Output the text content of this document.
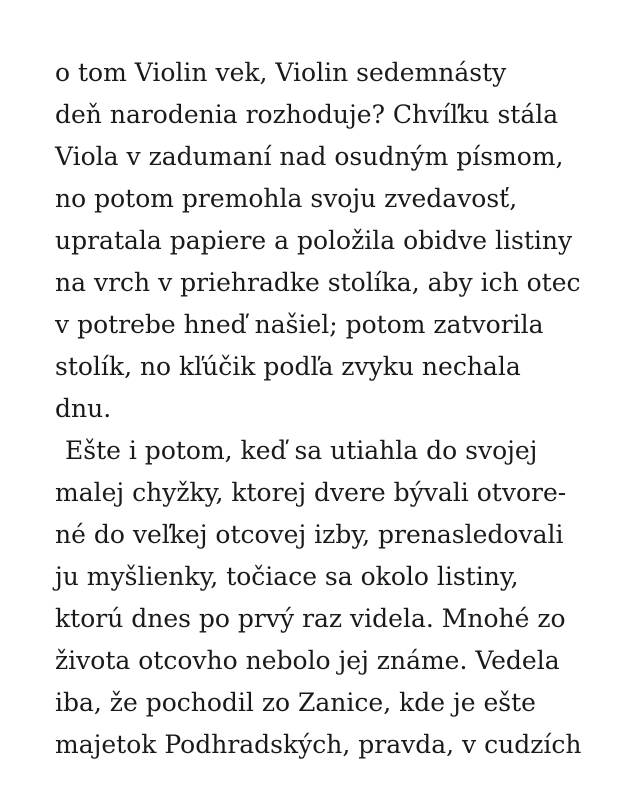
o tom Violin vek, Violin sedemnásty
deň narodenia rozhoduje? Chvíľku stála
Viola v zadumaní nad osudným písmom,
no potom premohla svoju zvedavosť,
upratala papiere a položila obidve listiny
na vrch v priehradke stolíka, aby ich otec
v potrebe hneď našiel; potom zatvorila
stolík, no kľúčik podľa zvyku nechala
dnu.
Ešte i potom, keď sa utiahla do svojej
malej chyžky, ktorej dvere bývali otvore-
né do veľkej otcovej izby, prenasledovali
ju myšlienky, točiace sa okolo listiny,
ktorú dnes po prvý raz videla. Mnohé zo
života otcovho nebolo jej známe. Vedela
iba, že pochodil zo Zanice, kde je ešte
majetok Podhradských, pravda, v cudzích
